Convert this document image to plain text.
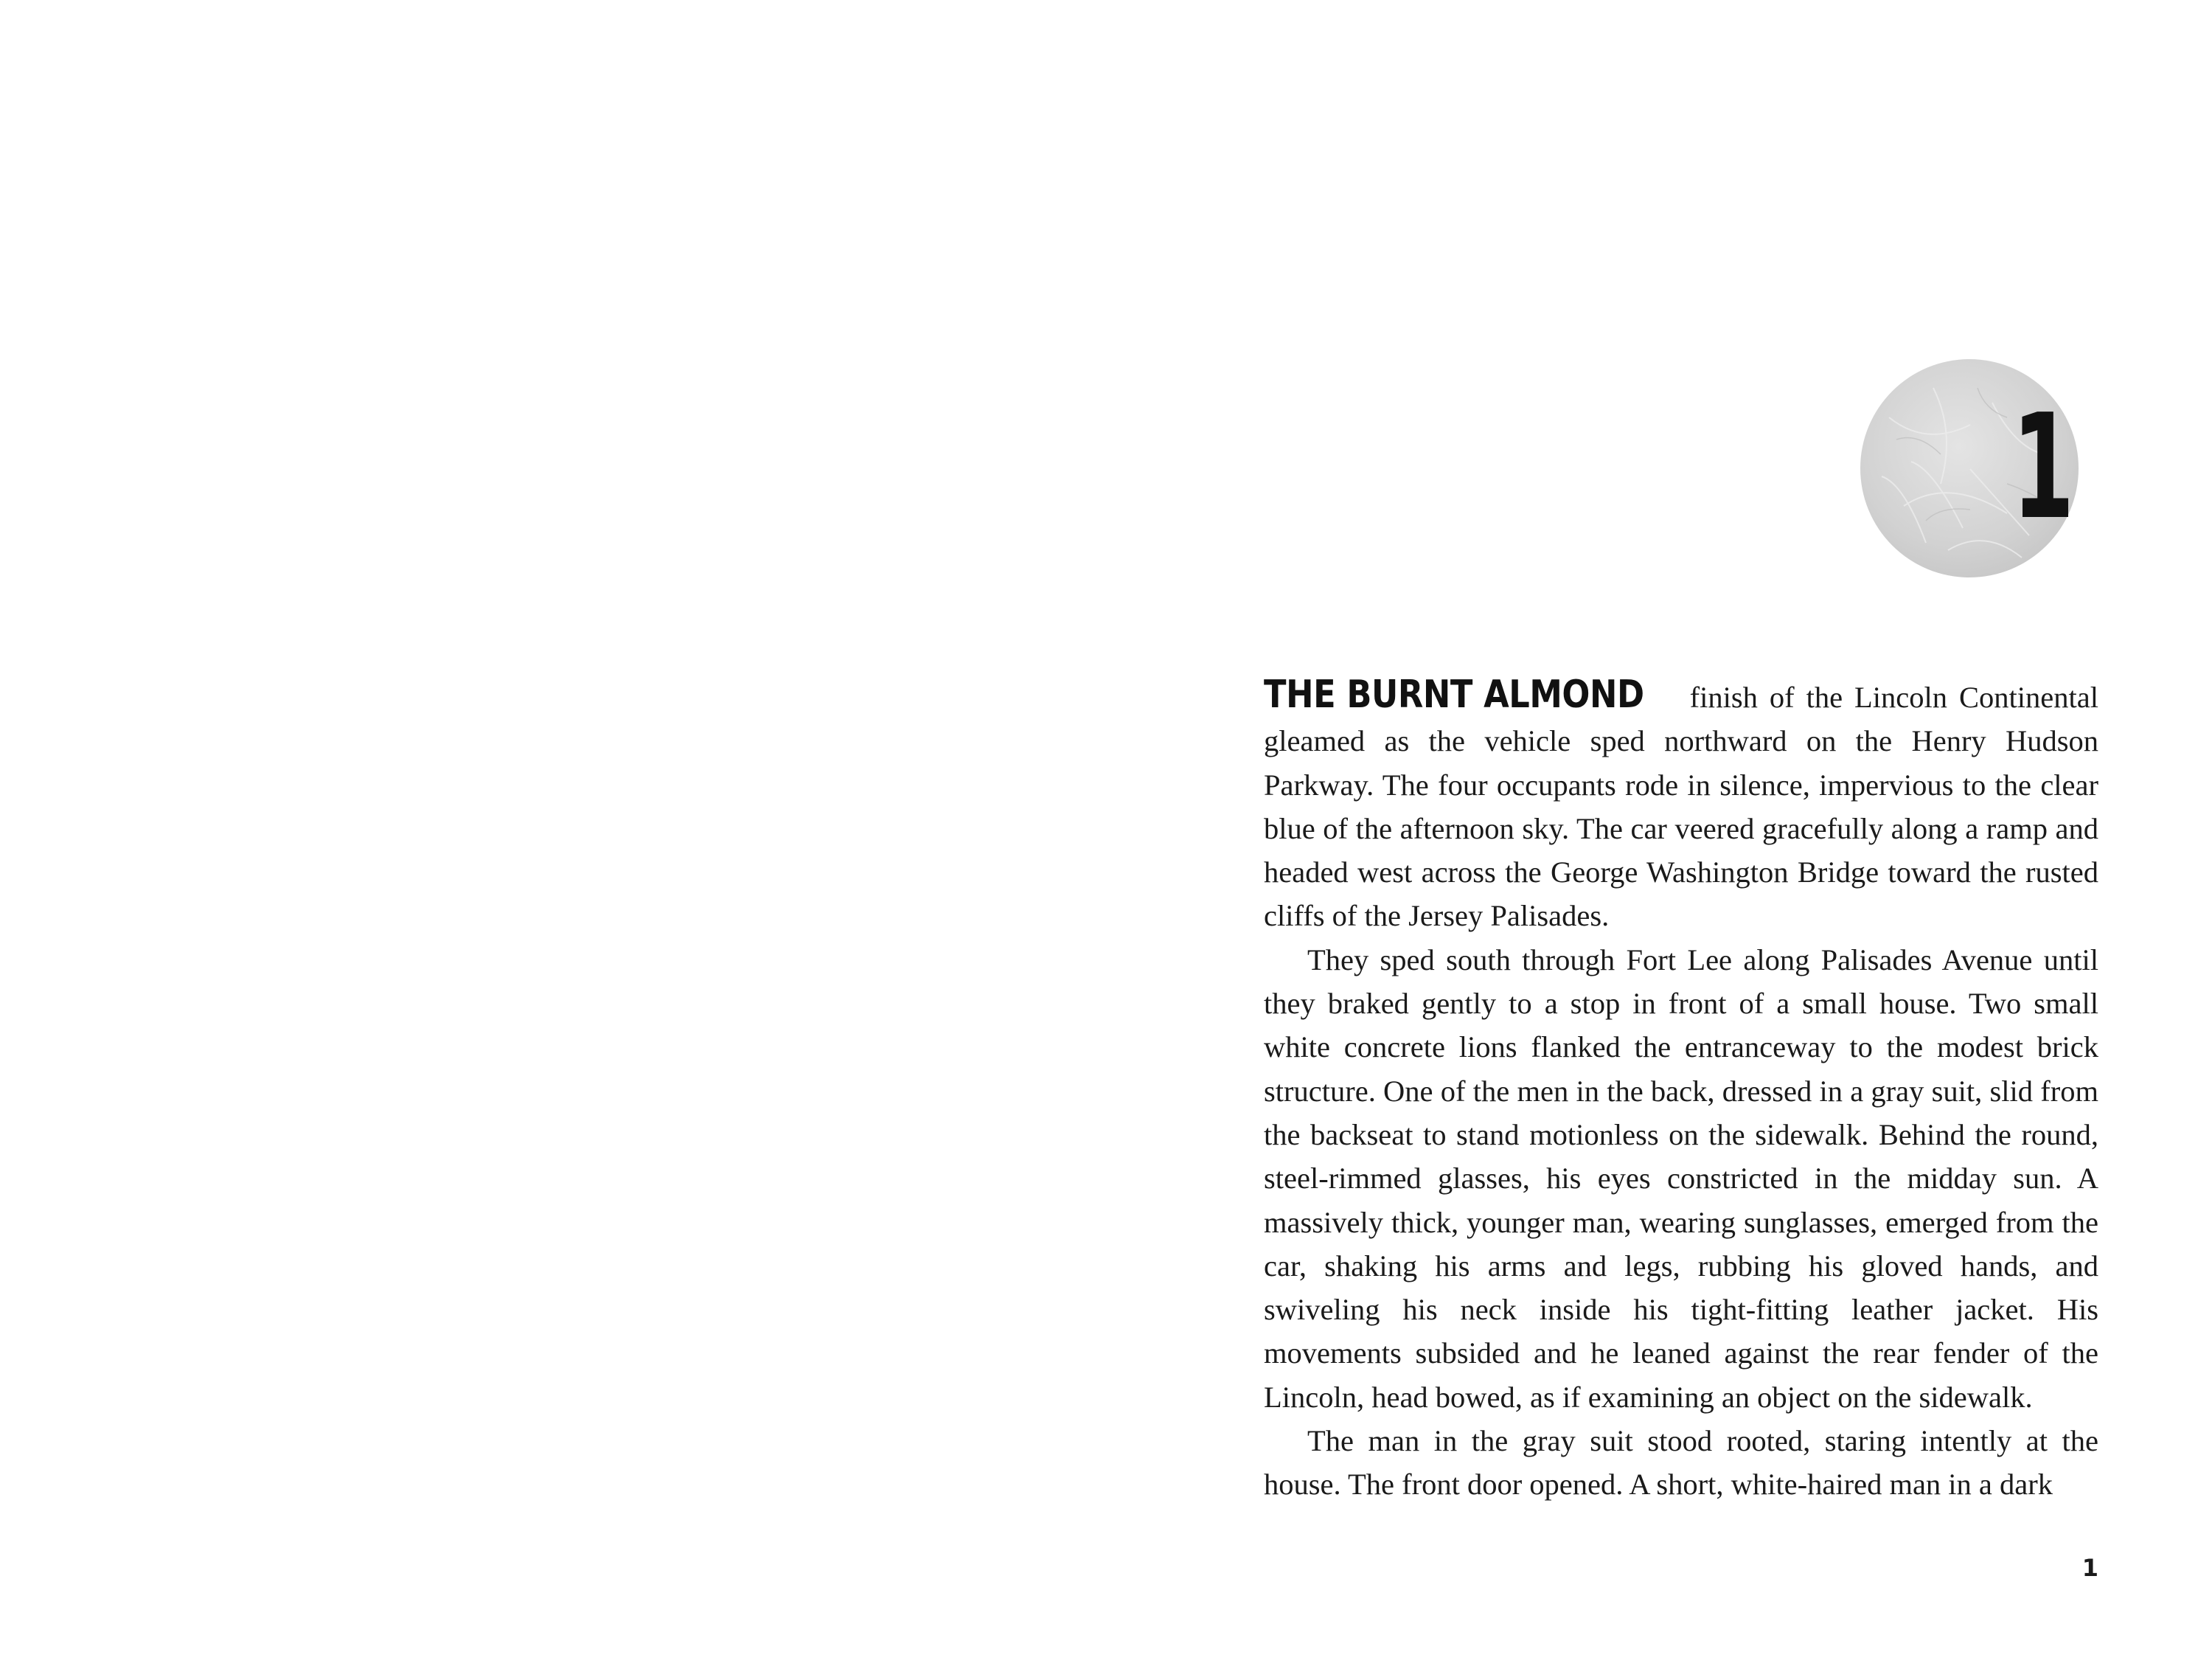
1

THE BURNT ALMOND finish of the Lincoln Continental gleamed as the vehicle sped northward on the Henry Hudson Parkway. The four occupants rode in silence, impervious to the clear blue of the afternoon sky. The car veered gracefully along a ramp and headed west across the George Washington Bridge toward the rusted cliffs of the Jersey Palisades.

They sped south through Fort Lee along Palisades Avenue until they braked gently to a stop in front of a small house. Two small white concrete lions flanked the entranceway to the modest brick structure. One of the men in the back, dressed in a gray suit, slid from the backseat to stand motionless on the sidewalk. Behind the round, steel-rimmed glasses, his eyes constricted in the midday sun. A massively thick, younger man, wearing sunglasses, emerged from the car, shaking his arms and legs, rubbing his gloved hands, and swiveling his neck inside his tight-fitting leather jacket. His movements subsided and he leaned against the rear fender of the Lincoln, head bowed, as if examining an object on the sidewalk.

The man in the gray suit stood rooted, staring intently at the house. The front door opened. A short, white-haired man in a dark

1
